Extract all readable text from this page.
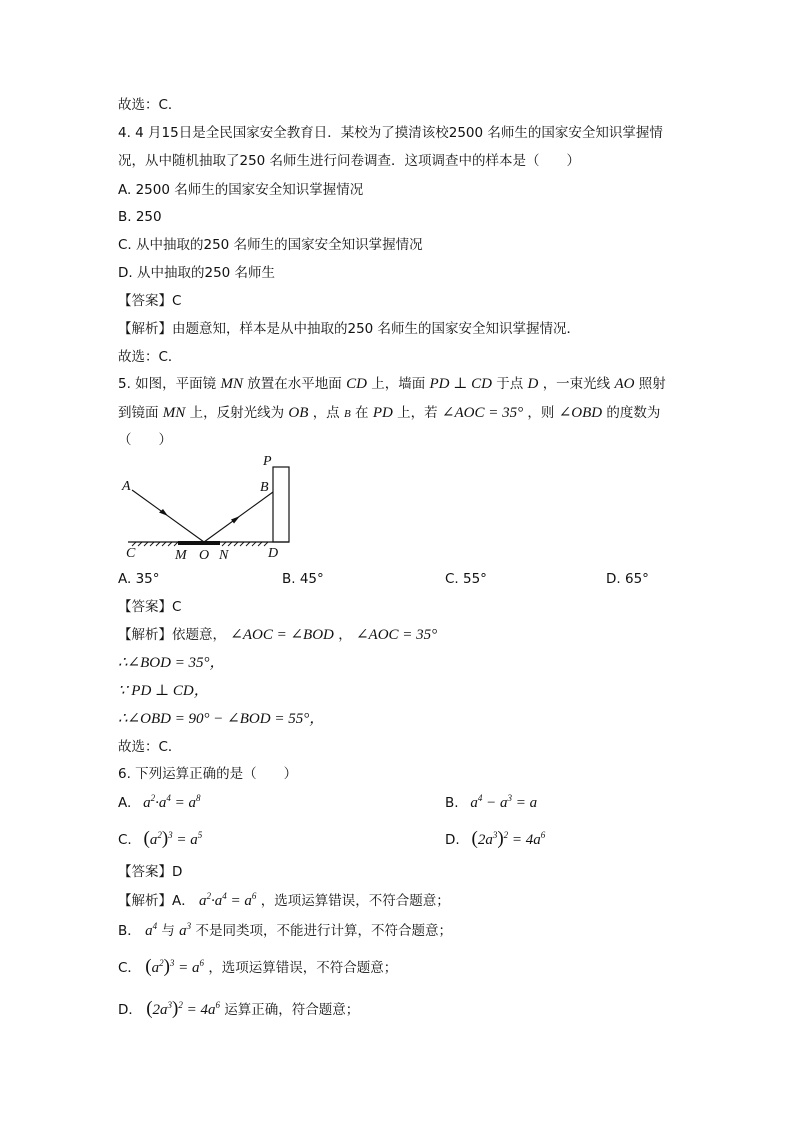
故选：C．
4. 4 月15日是全民国家安全教育日．某校为了摸清该校2500 名师生的国家安全知识掌握情
况，从中随机抽取了250 名师生进行问卷调查．这项调查中的样本是（　　）
A. 2500 名师生的国家安全知识掌握情况
B. 250
C. 从中抽取的250 名师生的国家安全知识掌握情况
D. 从中抽取的250 名师生
【答案】C
【解析】由题意知，样本是从中抽取的250 名师生的国家安全知识掌握情况．
故选：C．
5. 如图，平面镜 MN 放置在水平地面 CD 上，墙面 PD ⊥ CD 于点 D ，一束光线 AO 照射
到镜面 MN 上，反射光线为 OB ，点 B 在 PD 上，若 ∠AOC = 35° ，则 ∠OBD 的度数为
（　　）
P
A	B
C	M O N	D
A. 35°	B. 45°	C. 55°	D. 65°
【答案】C
【解析】依题意， ∠AOC = ∠BOD ， ∠AOC = 35°
∴∠BOD = 35°，
∵ PD ⊥ CD，
∴∠OBD = 90° − ∠BOD = 55°，
故选：C．
6. 下列运算正确的是（　　）
A.   $a^2\cdot a^4 = a^8$	B.   $a^4 - a^3 = a$
C. $(a^2)^3 = a^5$	D. $(2a^3)^2 = 4a^6$
【答案】D
【解析】A． $a^2\cdot a^4 = a^6$ ，选项运算错误，不符合题意；
B． $a^4$ 与 $a^3$ 不是同类项，不能进行计算，不符合题意；
C． $(a^2)^3 = a^6$ ，选项运算错误，不符合题意；
D． $(2a^3)^2 = 4a^6$ 运算正确，符合题意；
